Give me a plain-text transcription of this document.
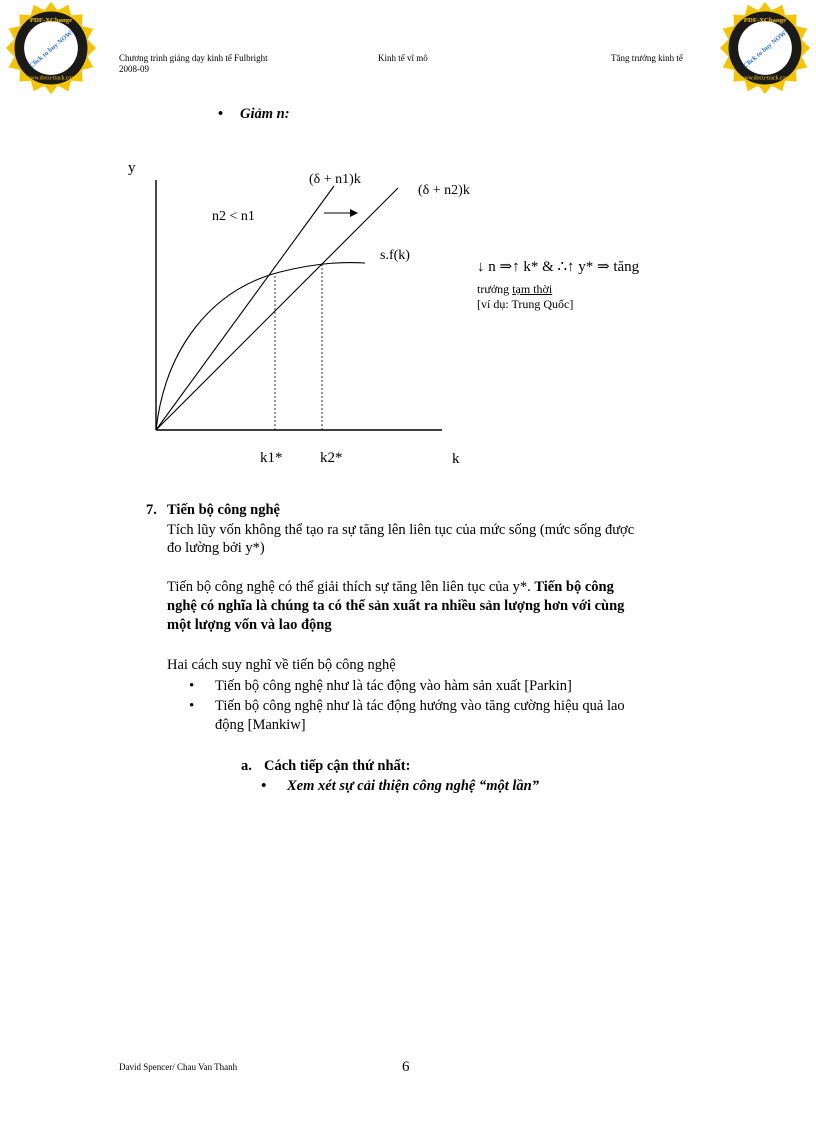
PDF-XChange
Click to buy NOW!
www.docu-track.com
PDF-XChange
Click to buy NOW!
www.docu-track.com
Chương trình giảng dạy kinh tế Fulbright
2008-09
Kinh tế vĩ mô	Tăng trưởng kinh tế
• Giảm n:
y
k
(δ + n1)k
(δ + n2)k
n2 < n1
s.f(k)
k1*	k2*
↓ n ⇒↑ k* & ∴↑ y* ⇒ tăng
trưởng tạm thời
[ví dụ: Trung Quốc]
7. Tiến bộ công nghệ
Tích lũy vốn không thể tạo ra sự tăng lên liên tục của mức sống (mức sống được
đo lường bởi y*)
Tiến bộ công nghệ có thể giải thích sự tăng lên liên tục của y*. Tiến bộ công
nghệ có nghĩa là chúng ta có thể sản xuất ra nhiều sản lượng hơn với cùng
một lượng vốn và lao động
Hai cách suy nghĩ về tiến bộ công nghệ
• Tiến bộ công nghệ như là tác động vào hàm sản xuất [Parkin]
• Tiến bộ công nghệ như là tác động hướng vào tăng cường hiệu quả lao
động [Mankiw]
a. Cách tiếp cận thứ nhất:
• Xem xét sự cải thiện công nghệ “một lần”
David Spencer/ Chau Van Thanh	6
